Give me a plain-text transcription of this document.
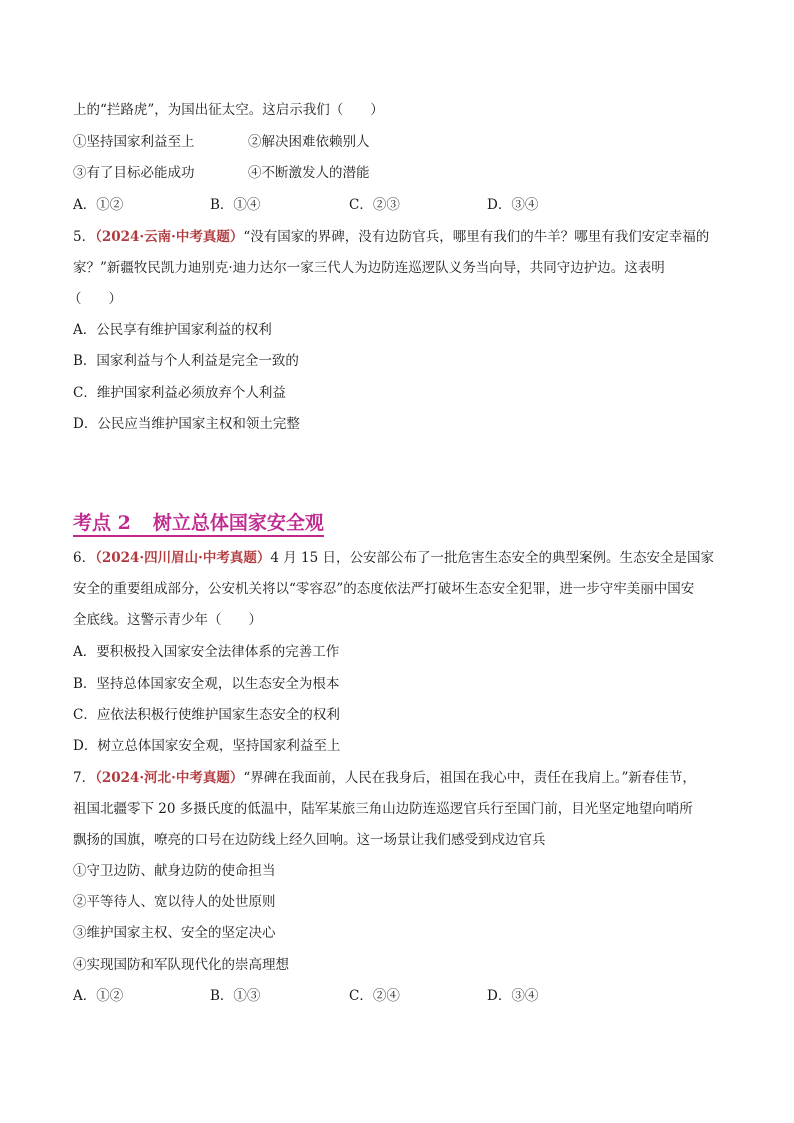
上的“拦路虎”，为国出征太空。这启示我们（　　）
①坚持国家利益至上	②解决困难依赖别人
③有了目标必能成功	④不断激发人的潜能
A．①②	B．①④	C．②③	D．③④
5．（2024·云南·中考真题）“没有国家的界碑，没有边防官兵，哪里有我们的牛羊？哪里有我们安定幸福的
家？”新疆牧民凯力迪别克·迪力达尔一家三代人为边防连巡逻队义务当向导，共同守边护边。这表明
（　　）
A．公民享有维护国家利益的权利
B．国家利益与个人利益是完全一致的
C．维护国家利益必须放弃个人利益
D．公民应当维护国家主权和领土完整
考点 2 树立总体国家安全观
6．（2024·四川眉山·中考真题）4 月 15 日，公安部公布了一批危害生态安全的典型案例。生态安全是国家
安全的重要组成部分，公安机关将以“零容忍”的态度依法严打破坏生态安全犯罪，进一步守牢美丽中国安
全底线。这警示青少年（　　）
A．要积极投入国家安全法律体系的完善工作
B．坚持总体国家安全观，以生态安全为根本
C．应依法积极行使维护国家生态安全的权利
D．树立总体国家安全观，坚持国家利益至上
7．（2024·河北·中考真题）“界碑在我面前，人民在我身后，祖国在我心中，责任在我肩上。”新春佳节，
祖国北疆零下 20 多摄氏度的低温中，陆军某旅三角山边防连巡逻官兵行至国门前，目光坚定地望向哨所
飘扬的国旗，嘹亮的口号在边防线上经久回响。这一场景让我们感受到戍边官兵
①守卫边防、献身边防的使命担当
②平等待人、宽以待人的处世原则
③维护国家主权、安全的坚定决心
④实现国防和军队现代化的崇高理想
A．①②	B．①③	C．②④	D．③④
